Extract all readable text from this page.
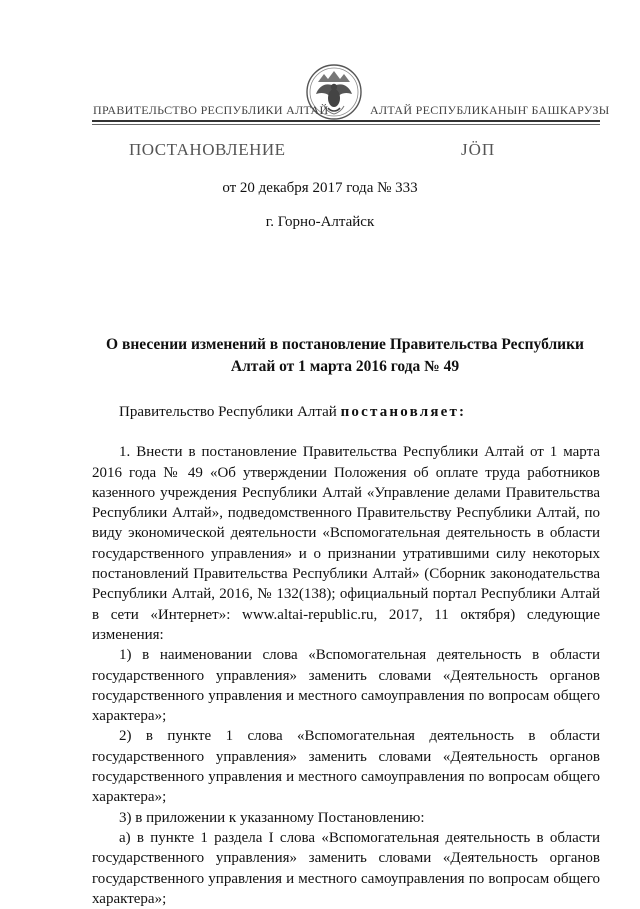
ПРАВИТЕЛЬСТВО РЕСПУБЛИКИ АЛТАЙ	АЛТАЙ РЕСПУБЛИКАНЫҤ БАШКАРУЗЫ
ПОСТАНОВЛЕНИЕ	ЈӦП
от 20 декабря 2017 года № 333
г. Горно-Алтайск
О внесении изменений в постановление Правительства Республики
Алтай от 1 марта 2016 года № 49

Правительство Республики Алтай постановляет:

1. Внести в постановление Правительства Республики Алтай от 1 марта 2016 года № 49 «Об утверждении Положения об оплате труда работников казенного учреждения Республики Алтай «Управление делами Правительства Республики Алтай», подведомственного Правительству Республики Алтай, по виду экономической деятельности «Вспомогательная деятельность в области государственного управления» и о признании утратившими силу некоторых постановлений Правительства Республики Алтай» (Сборник законодательства Республики Алтай, 2016, № 132(138); официальный портал Республики Алтай в сети «Интернет»: www.altai-republic.ru, 2017, 11 октября) следующие изменения:

1) в наименовании слова «Вспомогательная деятельность в области государственного управления» заменить словами «Деятельность органов государственного управления и местного самоуправления по вопросам общего характера»;

2) в пункте 1 слова «Вспомогательная деятельность в области государственного управления» заменить словами «Деятельность органов государственного управления и местного самоуправления по вопросам общего характера»;

3) в приложении к указанному Постановлению:

а) в пункте 1 раздела I слова «Вспомогательная деятельность в области государственного управления» заменить словами «Деятельность органов государственного управления и местного самоуправления по вопросам общего характера»;
